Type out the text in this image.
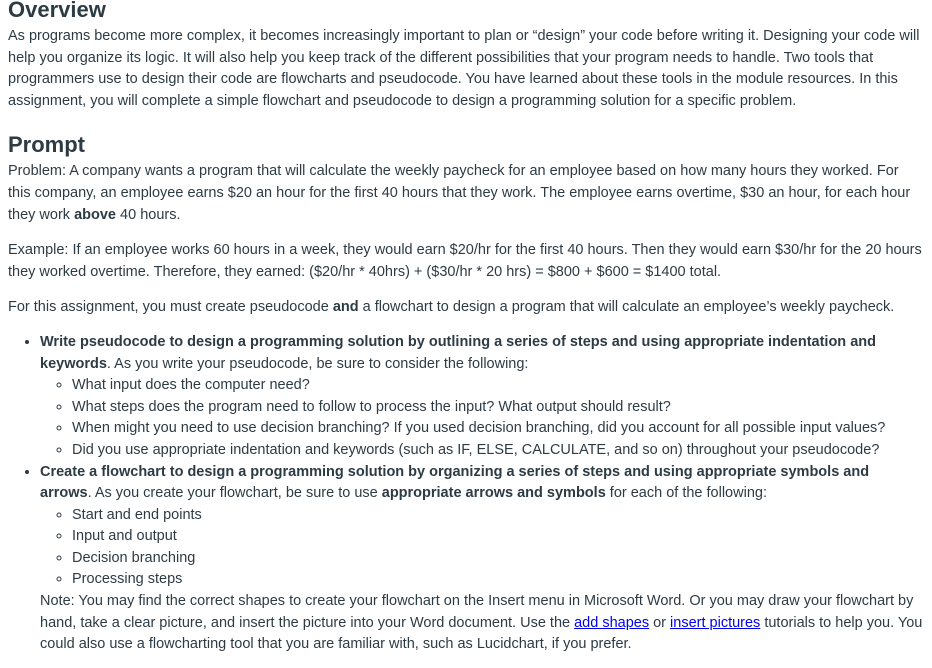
Overview

As programs become more complex, it becomes increasingly important to plan or “design” your code before writing it. Designing your code will help you organize its logic. It will also help you keep track of the different possibilities that your program needs to handle. Two tools that programmers use to design their code are flowcharts and pseudocode. You have learned about these tools in the module resources. In this assignment, you will complete a simple flowchart and pseudocode to design a programming solution for a specific problem.

Prompt

Problem: A company wants a program that will calculate the weekly paycheck for an employee based on how many hours they worked. For this company, an employee earns $20 an hour for the first 40 hours that they work. The employee earns overtime, $30 an hour, for each hour they work above 40 hours.

Example: If an employee works 60 hours in a week, they would earn $20/hr for the first 40 hours. Then they would earn $30/hr for the 20 hours they worked overtime. Therefore, they earned: ($20/hr * 40hrs) + ($30/hr * 20 hrs) = $800 + $600 = $1400 total.

For this assignment, you must create pseudocode and a flowchart to design a program that will calculate an employee’s weekly paycheck.

• Write pseudocode to design a programming solution by outlining a series of steps and using appropriate indentation and keywords. As you write your pseudocode, be sure to consider the following:
◦ What input does the computer need?
◦ What steps does the program need to follow to process the input? What output should result?
◦ When might you need to use decision branching? If you used decision branching, did you account for all possible input values?
◦ Did you use appropriate indentation and keywords (such as IF, ELSE, CALCULATE, and so on) throughout your pseudocode?
• Create a flowchart to design a programming solution by organizing a series of steps and using appropriate symbols and arrows. As you create your flowchart, be sure to use appropriate arrows and symbols for each of the following:
◦ Start and end points
◦ Input and output
◦ Decision branching
◦ Processing steps
Note: You may find the correct shapes to create your flowchart on the Insert menu in Microsoft Word. Or you may draw your flowchart by hand, take a clear picture, and insert the picture into your Word document. Use the add shapes or insert pictures tutorials to help you. You could also use a flowcharting tool that you are familiar with, such as Lucidchart, if you prefer.
